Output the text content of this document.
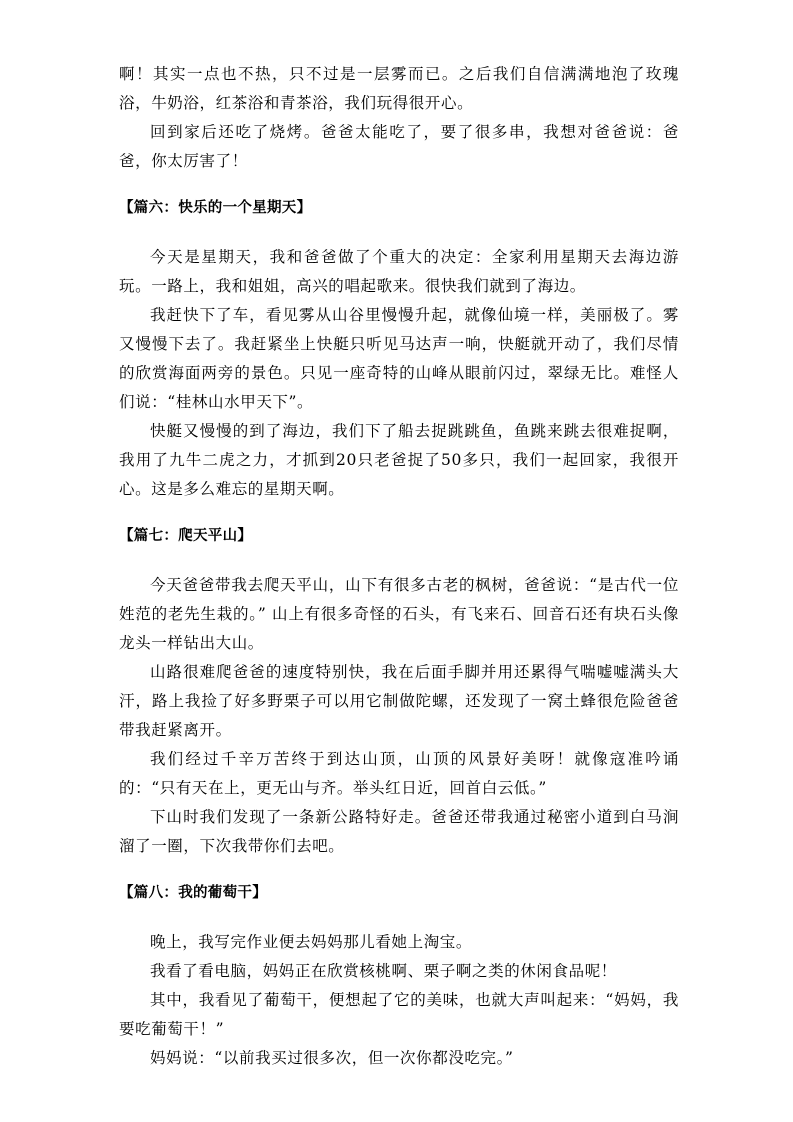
啊！其实一点也不热，只不过是一层雾而已。之后我们自信满满地泡了玫瑰浴，牛奶浴，红茶浴和青茶浴，我们玩得很开心。

回到家后还吃了烧烤。爸爸太能吃了，要了很多串，我想对爸爸说：爸爸，你太厉害了！

【篇六：快乐的一个星期天】

今天是星期天，我和爸爸做了个重大的决定：全家利用星期天去海边游玩。一路上，我和姐姐，高兴的唱起歌来。很快我们就到了海边。

我赶快下了车，看见雾从山谷里慢慢升起，就像仙境一样，美丽极了。雾又慢慢下去了。我赶紧坐上快艇只听见马达声一响，快艇就开动了，我们尽情的欣赏海面两旁的景色。只见一座奇特的山峰从眼前闪过，翠绿无比。难怪人们说：“桂林山水甲天下”。

快艇又慢慢的到了海边，我们下了船去捉跳跳鱼，鱼跳来跳去很难捉啊，我用了九牛二虎之力，才抓到20只老爸捉了50多只，我们一起回家，我很开心。这是多么难忘的星期天啊。

【篇七：爬天平山】

今天爸爸带我去爬天平山，山下有很多古老的枫树，爸爸说：“是古代一位姓范的老先生栽的。” 山上有很多奇怪的石头，有飞来石、回音石还有块石头像龙头一样钻出大山。

山路很难爬爸爸的速度特别快，我在后面手脚并用还累得气喘嘘嘘满头大汗，路上我捡了好多野栗子可以用它制做陀螺，还发现了一窝土蜂很危险爸爸带我赶紧离开。

我们经过千辛万苦终于到达山顶，山顶的风景好美呀！就像寇准吟诵的：“只有天在上，更无山与齐。举头红日近，回首白云低。”

下山时我们发现了一条新公路特好走。爸爸还带我通过秘密小道到白马涧溜了一圈，下次我带你们去吧。

【篇八：我的葡萄干】

晚上，我写完作业便去妈妈那儿看她上淘宝。

我看了看电脑，妈妈正在欣赏核桃啊、栗子啊之类的休闲食品呢！

其中，我看见了葡萄干，便想起了它的美味，也就大声叫起来：“妈妈，我要吃葡萄干！”

妈妈说：“以前我买过很多次，但一次你都没吃完。”
